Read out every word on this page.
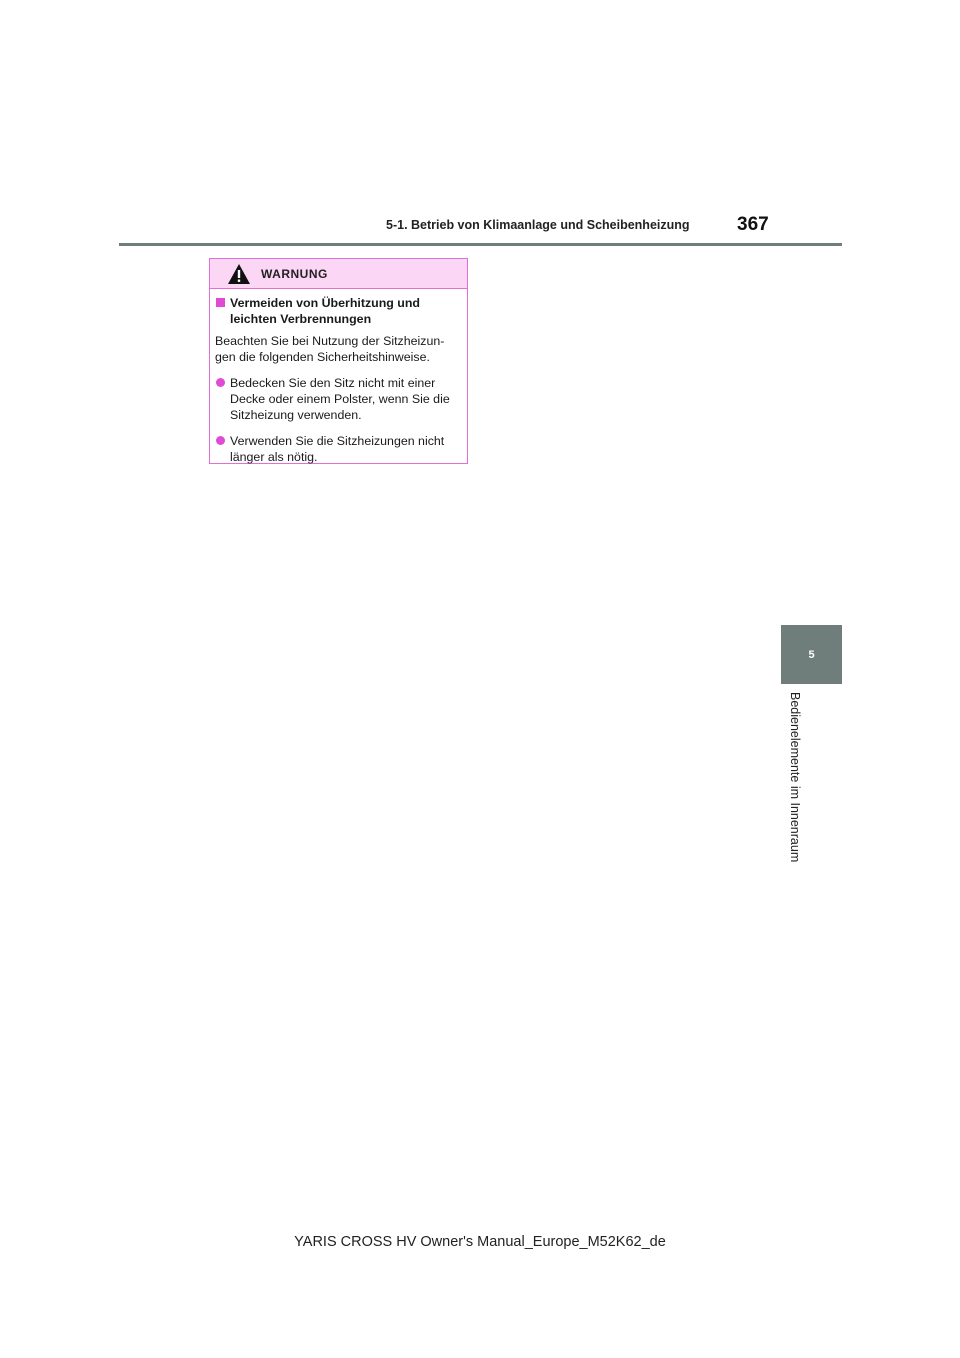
5-1. Betrieb von Klimaanlage und Scheibenheizung 367
WARNUNG
Vermeiden von Überhitzung und
leichten Verbrennungen
Beachten Sie bei Nutzung der Sitzheizun-
gen die folgenden Sicherheitshinweise.
Bedecken Sie den Sitz nicht mit einer
Decke oder einem Polster, wenn Sie die
Sitzheizung verwenden.
Verwenden Sie die Sitzheizungen nicht
länger als nötig.
5
Bedienelemente im Innenraum
YARIS CROSS HV Owner's Manual_Europe_M52K62_de
